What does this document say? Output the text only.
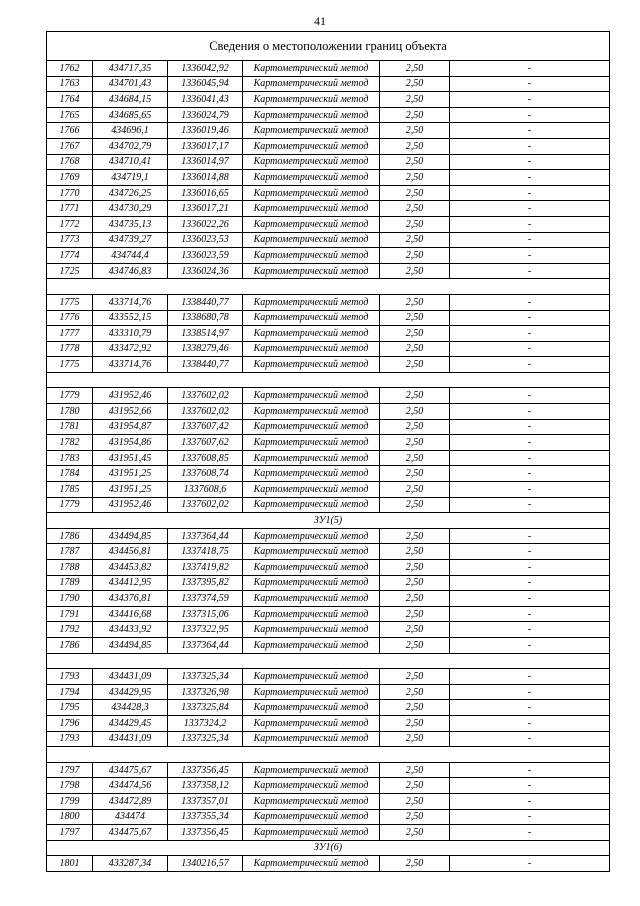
41
Сведения о местоположении границ объекта					
1762	434717,35	1336042,92	Картометрический метод	2,50	-
1763	434701,43	1336045,94	Картометрический метод	2,50	-
1764	434684,15	1336041,43	Картометрический метод	2,50	-
1765	434685,65	1336024,79	Картометрический метод	2,50	-
1766	434696,1	1336019,46	Картометрический метод	2,50	-
1767	434702,79	1336017,17	Картометрический метод	2,50	-
1768	434710,41	1336014,97	Картометрический метод	2,50	-
1769	434719,1	1336014,88	Картометрический метод	2,50	-
1770	434726,25	1336016,65	Картометрический метод	2,50	-
1771	434730,29	1336017,21	Картометрический метод	2,50	-
1772	434735,13	1336022,26	Картометрический метод	2,50	-
1773	434739,27	1336023,53	Картометрический метод	2,50	-
1774	434744,4	1336023,59	Картометрический метод	2,50	-
1725	434746,83	1336024,36	Картометрический метод	2,50	-

1775	433714,76	1338440,77	Картометрический метод	2,50	-
1776	433552,15	1338680,78	Картометрический метод	2,50	-
1777	433310,79	1338514,97	Картометрический метод	2,50	-
1778	433472,92	1338279,46	Картометрический метод	2,50	-
1775	433714,76	1338440,77	Картометрический метод	2,50	-

1779	431952,46	1337602,02	Картометрический метод	2,50	-
1780	431952,66	1337602,02	Картометрический метод	2,50	-
1781	431954,87	1337607,42	Картометрический метод	2,50	-
1782	431954,86	1337607,62	Картометрический метод	2,50	-
1783	431951,45	1337608,85	Картометрический метод	2,50	-
1784	431951,25	1337608,74	Картометрический метод	2,50	-
1785	431951,25	1337608,6	Картометрический метод	2,50	-
1779	431952,46	1337602,02	Картометрический метод	2,50	-
ЗУ1(5)					
1786	434494,85	1337364,44	Картометрический метод	2,50	-
1787	434456,81	1337418,75	Картометрический метод	2,50	-
1788	434453,82	1337419,82	Картометрический метод	2,50	-
1789	434412,95	1337395,82	Картометрический метод	2,50	-
1790	434376,81	1337374,59	Картометрический метод	2,50	-
1791	434416,68	1337315,06	Картометрический метод	2,50	-
1792	434433,92	1337322,95	Картометрический метод	2,50	-
1786	434494,85	1337364,44	Картометрический метод	2,50	-

1793	434431,09	1337325,34	Картометрический метод	2,50	-
1794	434429,95	1337326,98	Картометрический метод	2,50	-
1795	434428,3	1337325,84	Картометрический метод	2,50	-
1796	434429,45	1337324,2	Картометрический метод	2,50	-
1793	434431,09	1337325,34	Картометрический метод	2,50	-

1797	434475,67	1337356,45	Картометрический метод	2,50	-
1798	434474,56	1337358,12	Картометрический метод	2,50	-
1799	434472,89	1337357,01	Картометрический метод	2,50	-
1800	434474	1337355,34	Картометрический метод	2,50	-
1797	434475,67	1337356,45	Картометрический метод	2,50	-
ЗУ1(6)					
1801	433287,34	1340216,57	Картометрический метод	2,50	-
